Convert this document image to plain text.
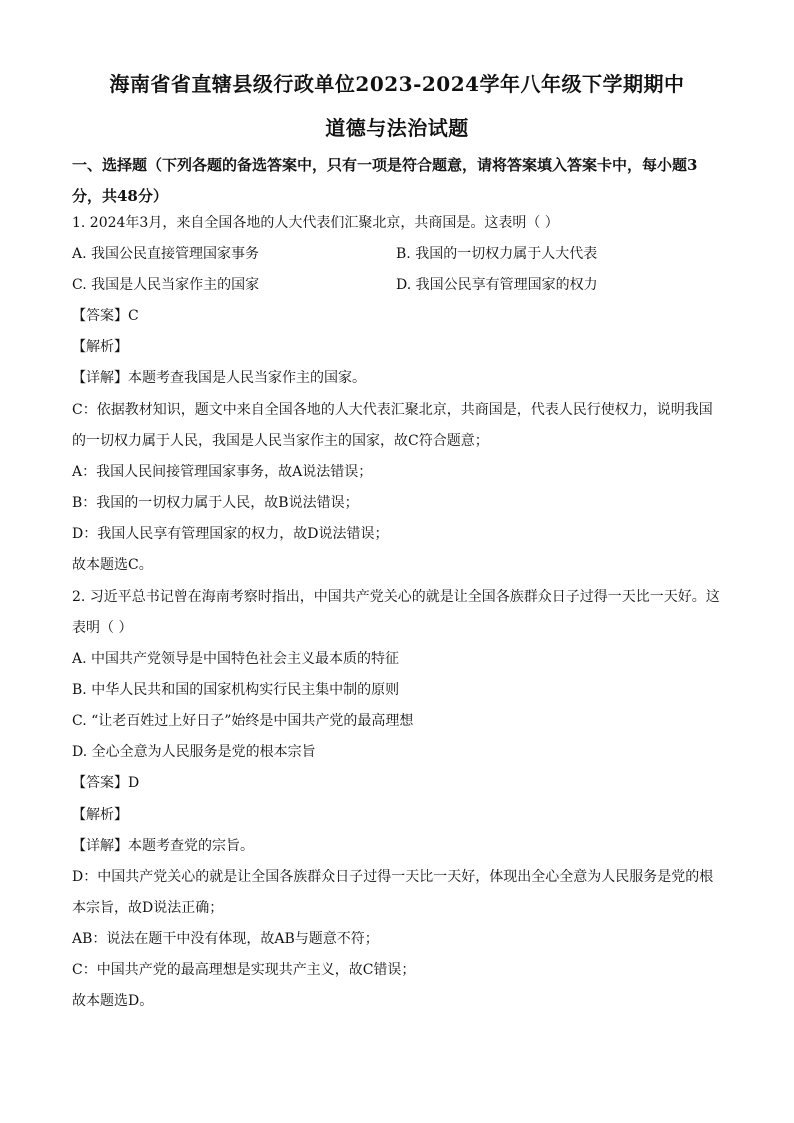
海南省省直辖县级行政单位2023-2024学年八年级下学期期中
道德与法治试题
一、选择题（下列各题的备选答案中，只有一项是符合题意，请将答案填入答案卡中，每小题3分，共48分）
1. 2024年3月，来自全国各地的人大代表们汇聚北京，共商国是。这表明（ ）
A. 我国公民直接管理国家事务	B. 我国的一切权力属于人大代表
C. 我国是人民当家作主的国家	D. 我国公民享有管理国家的权力
【答案】C
【解析】
【详解】本题考查我国是人民当家作主的国家。
C：依据教材知识，题文中来自全国各地的人大代表汇聚北京，共商国是，代表人民行使权力，说明我国
的一切权力属于人民，我国是人民当家作主的国家，故C符合题意；
A：我国人民间接管理国家事务，故A说法错误；
B：我国的一切权力属于人民，故B说法错误；
D：我国人民享有管理国家的权力，故D说法错误；
故本题选C。
2. 习近平总书记曾在海南考察时指出，中国共产党关心的就是让全国各族群众日子过得一天比一天好。这
表明（ ）
A. 中国共产党领导是中国特色社会主义最本质的特征
B. 中华人民共和国的国家机构实行民主集中制的原则
C. “让老百姓过上好日子”始终是中国共产党的最高理想
D. 全心全意为人民服务是党的根本宗旨
【答案】D
【解析】
【详解】本题考查党的宗旨。
D：中国共产党关心的就是让全国各族群众日子过得一天比一天好，体现出全心全意为人民服务是党的根
本宗旨，故D说法正确；
AB：说法在题干中没有体现，故AB与题意不符；
C：中国共产党的最高理想是实现共产主义，故C错误；
故本题选D。
